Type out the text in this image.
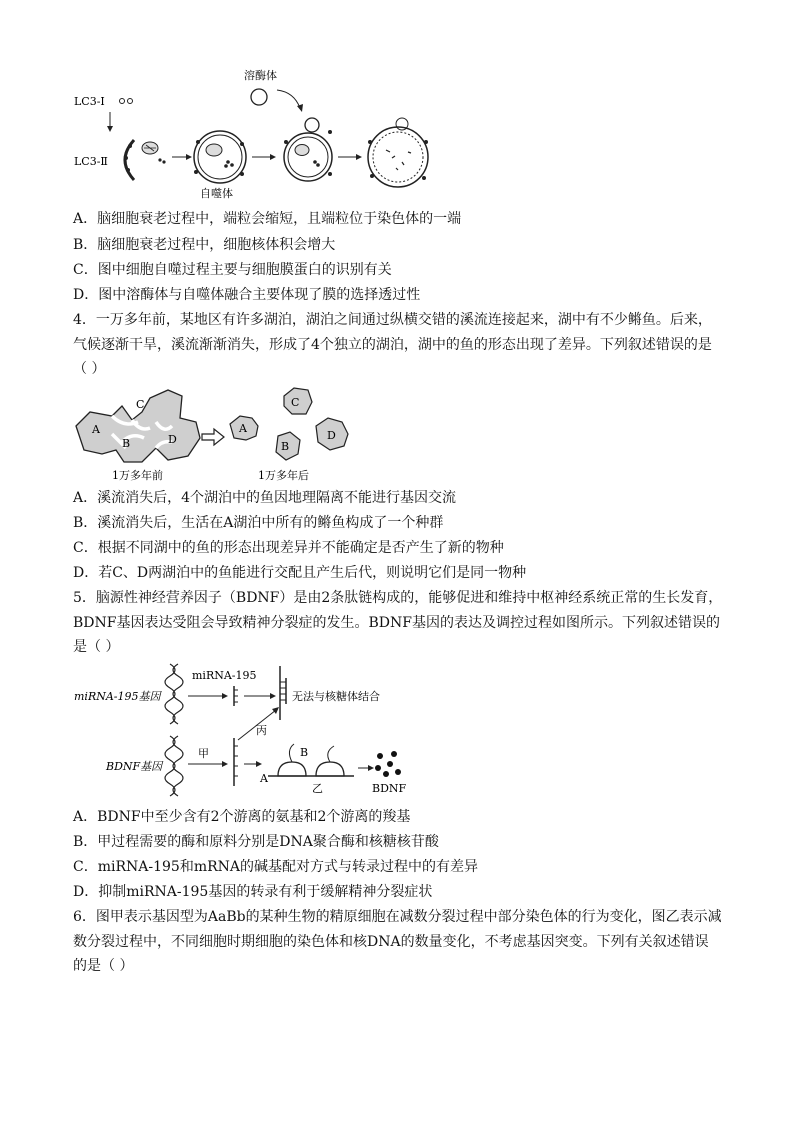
LC3-Ⅰ
LC3-Ⅱ
自噬体
溶酶体
A．脑细胞衰老过程中，端粒会缩短，且端粒位于染色体的一端
B．脑细胞衰老过程中，细胞核体积会增大
C．图中细胞自噬过程主要与细胞膜蛋白的识别有关
D．图中溶酶体与自噬体融合主要体现了膜的选择透过性
4．一万多年前，某地区有许多湖泊，湖泊之间通过纵横交错的溪流连接起来，湖中有不少鳉鱼。后来，
气候逐渐干旱，溪流渐渐消失，形成了4个独立的湖泊，湖中的鱼的形态出现了差异。下列叙述错误的是
（ ）
A
B
C
D
1万多年前
A
B
C
D
1万多年后
A．溪流消失后，4个湖泊中的鱼因地理隔离不能进行基因交流
B．溪流消失后，生活在A湖泊中所有的鳉鱼构成了一个种群
C．根据不同湖中的鱼的形态出现差异并不能确定是否产生了新的物种
D．若C、D两湖泊中的鱼能进行交配且产生后代，则说明它们是同一物种
5．脑源性神经营养因子（BDNF）是由2条肽链构成的，能够促进和维持中枢神经系统正常的生长发育，
BDNF基因表达受阻会导致精神分裂症的发生。BDNF基因的表达及调控过程如图所示。下列叙述错误的
是（ ）
miRNA-195基因
miRNA-195
无法与核糖体结合
丙
BDNF基因
甲	B
A
乙	BDNF
A．BDNF中至少含有2个游离的氨基和2个游离的羧基
B．甲过程需要的酶和原料分别是DNA聚合酶和核糖核苷酸
C．miRNA-195和mRNA的碱基配对方式与转录过程中的有差异
D．抑制miRNA-195基因的转录有利于缓解精神分裂症状
6．图甲表示基因型为AaBb的某种生物的精原细胞在减数分裂过程中部分染色体的行为变化，图乙表示减
数分裂过程中，不同细胞时期细胞的染色体和核DNA的数量变化，不考虑基因突变。下列有关叙述错误
的是（ ）
